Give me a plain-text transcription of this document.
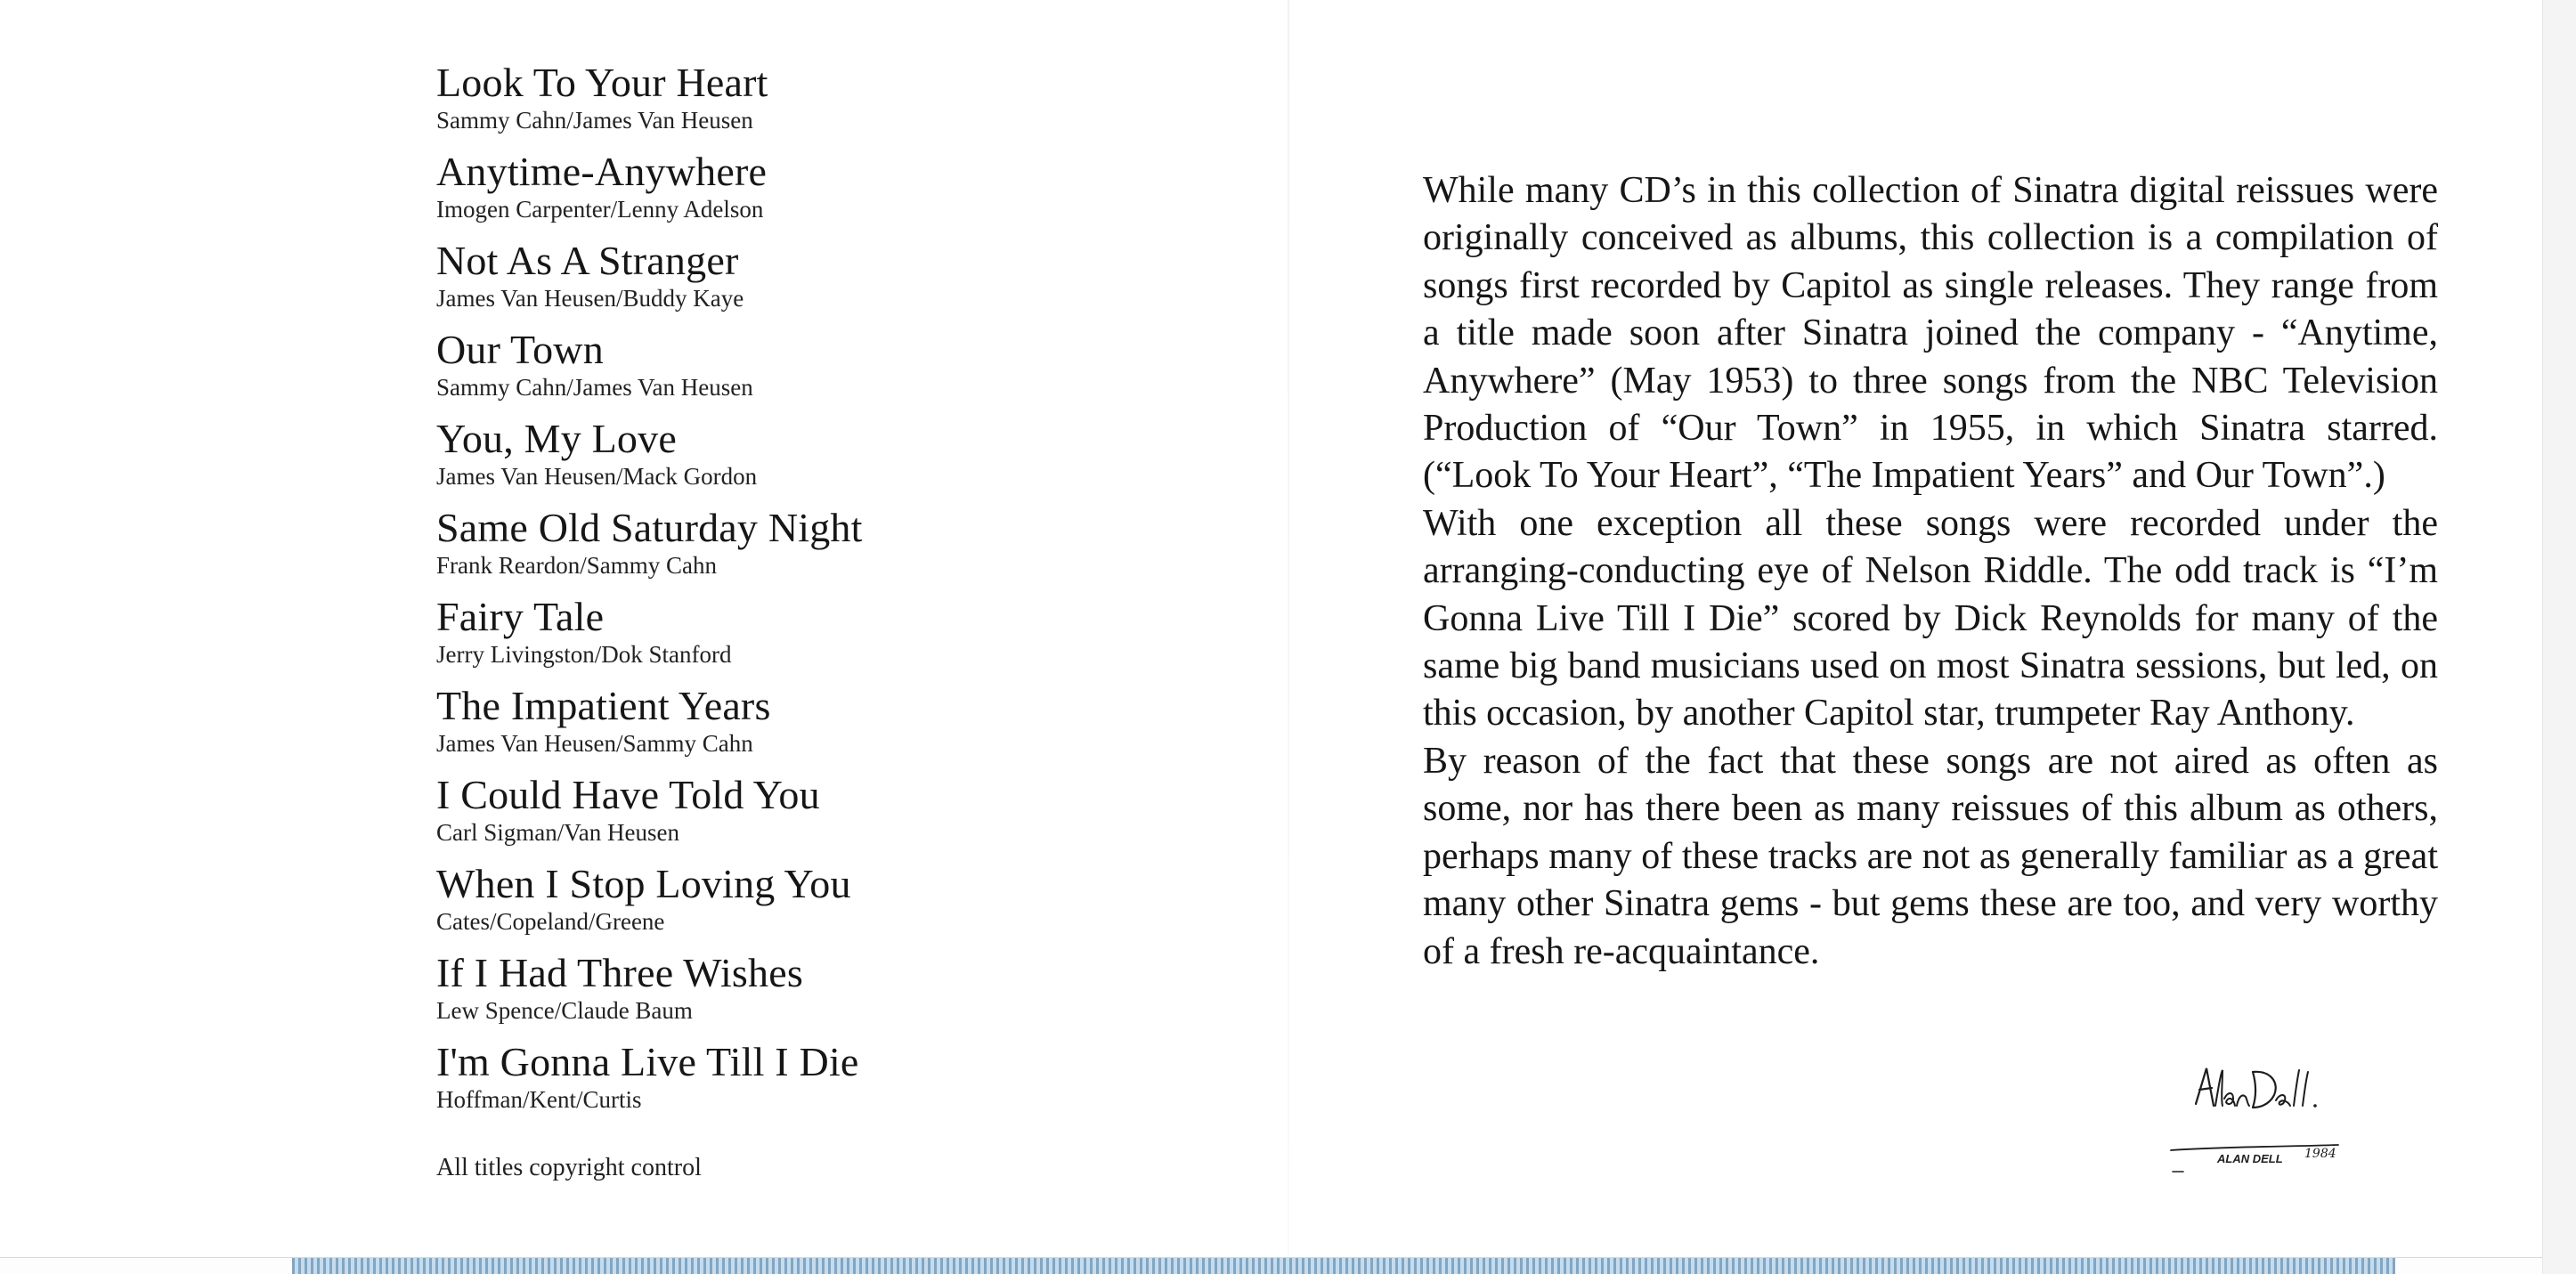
Look To Your Heart
Sammy Cahn/James Van Heusen
Anytime-Anywhere
Imogen Carpenter/Lenny Adelson
Not As A Stranger
James Van Heusen/Buddy Kaye
Our Town
Sammy Cahn/James Van Heusen
You, My Love
James Van Heusen/Mack Gordon
Same Old Saturday Night
Frank Reardon/Sammy Cahn
Fairy Tale
Jerry Livingston/Dok Stanford
The Impatient Years
James Van Heusen/Sammy Cahn
I Could Have Told You
Carl Sigman/Van Heusen
When I Stop Loving You
Cates/Copeland/Greene
If I Had Three Wishes
Lew Spence/Claude Baum
I'm Gonna Live Till I Die
Hoffman/Kent/Curtis
All titles copyright control

While many CD’s in this collection of Sinatra digital reissues were originally conceived as albums, this collection is a compilation of songs first recorded by Capitol as single releases. They range from a title made soon after Sinatra joined the company - “Anytime, Anywhere” (May 1953) to three songs from the NBC Television Production of “Our Town” in 1955, in which Sinatra starred. (“Look To Your Heart”, “The Impatient Years” and Our Town”.)

With one exception all these songs were recorded under the arranging-conducting eye of Nelson Riddle. The odd track is “I’m Gonna Live Till I Die” scored by Dick Reynolds for many of the same big band musicians used on most Sinatra sessions, but led, on this occasion, by another Capitol star, trumpeter Ray Anthony.

By reason of the fact that these songs are not aired as often as some, nor has there been as many reissues of this album as others, perhaps many of these tracks are not as generally familiar as a great many other Sinatra gems - but gems these are too, and very worthy of a fresh re-acquaintance.

ALAN DELL 1984
